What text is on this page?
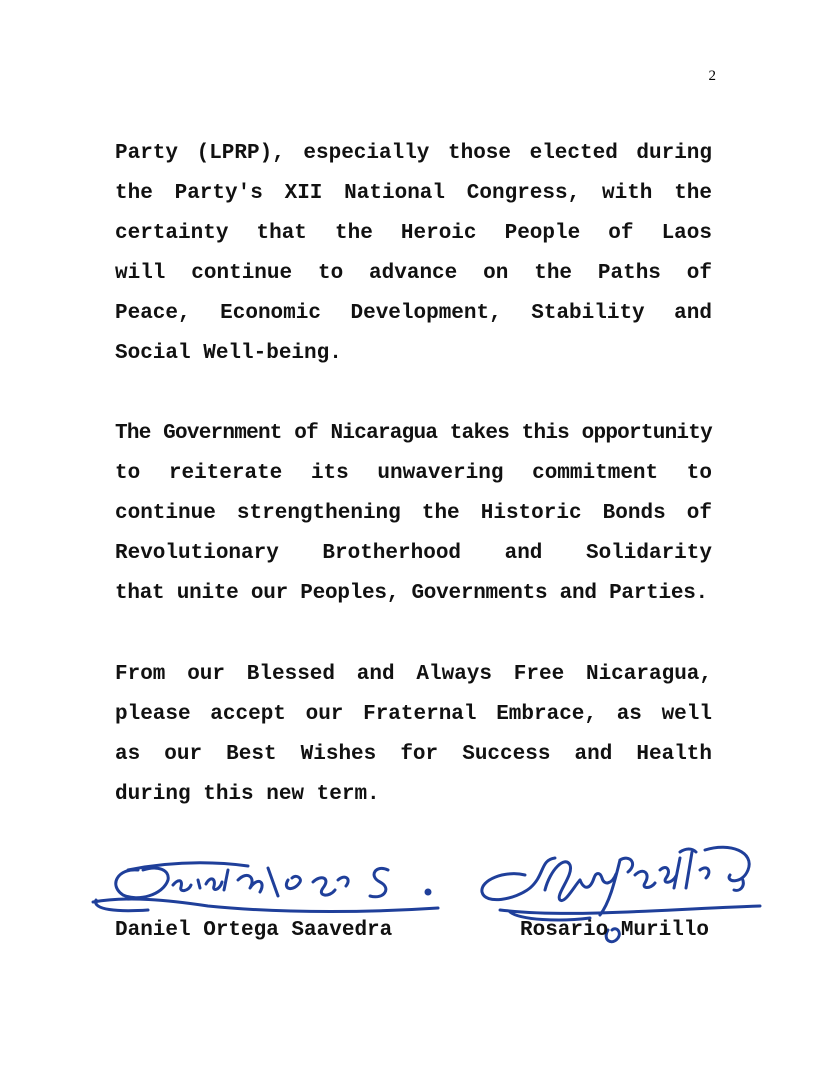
2
Party (LPRP), especially those elected during
the Party's XII National Congress, with the
certainty that the Heroic People of Laos
will continue to advance on the Paths of
Peace, Economic Development, Stability and
Social Well-being.
The Government of Nicaragua takes this opportunity
to reiterate its unwavering commitment to
continue strengthening the Historic Bonds of
Revolutionary Brotherhood and Solidarity
that unite our Peoples, Governments and Parties.
From our Blessed and Always Free Nicaragua,
please accept our Fraternal Embrace, as well
as our Best Wishes for Success and Health
during this new term.
Daniel Ortega Saavedra	Rosario Murillo
